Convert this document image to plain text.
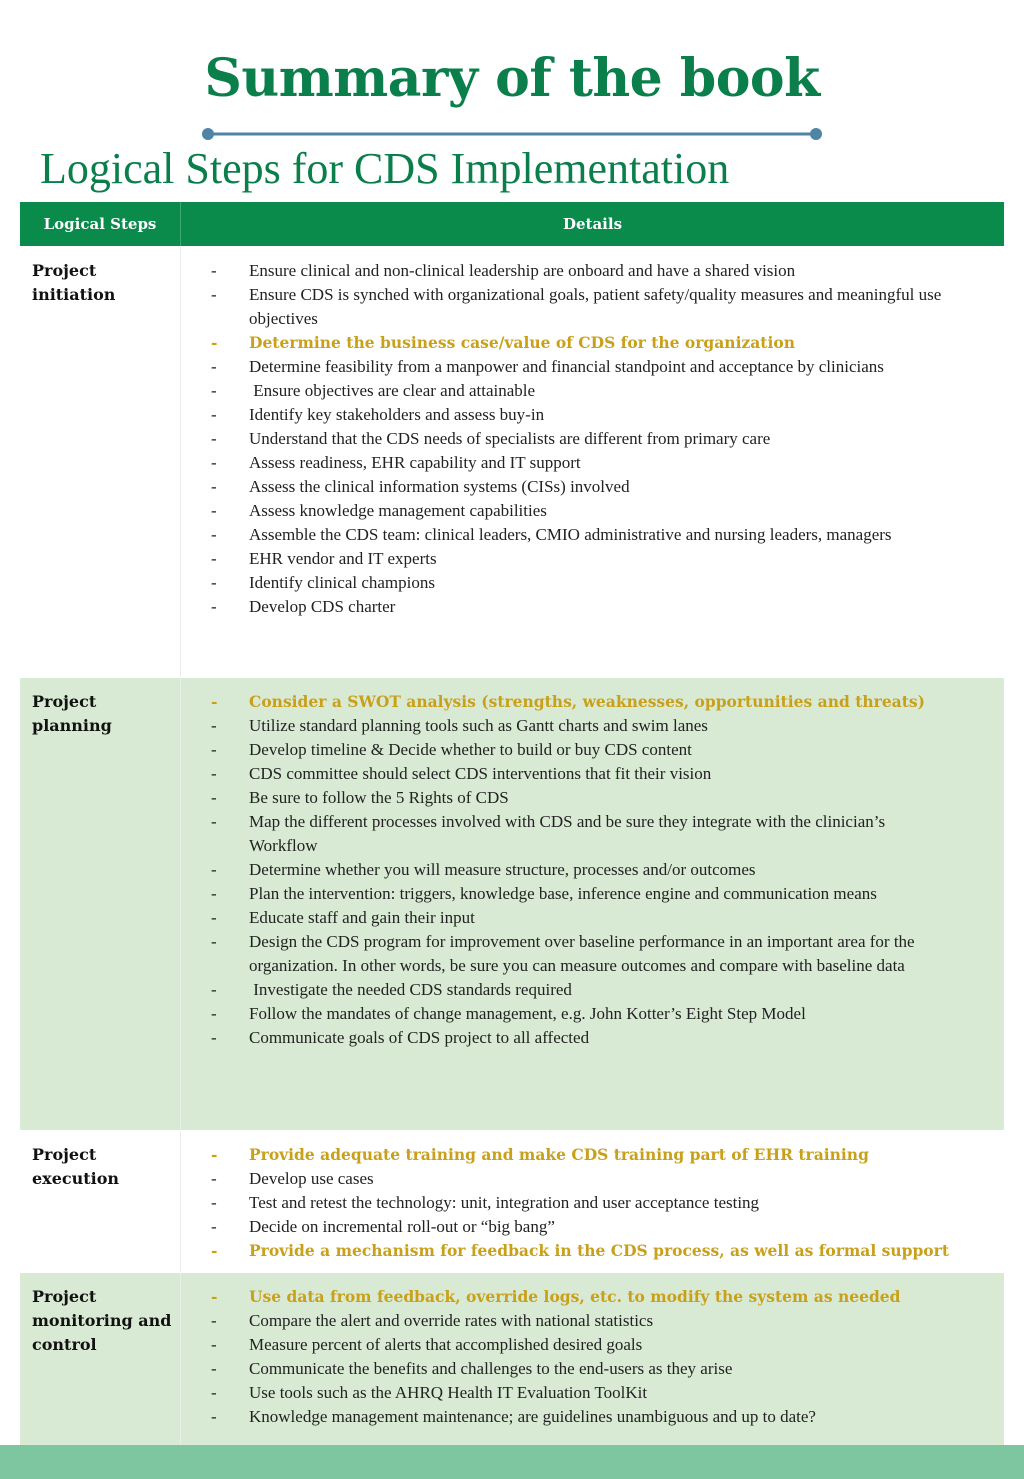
Summary of the book
Logical Steps for CDS Implementation
Logical Steps	Details
Project initiation
-	Ensure clinical and non-clinical leadership are onboard and have a shared vision
-	Ensure CDS is synched with organizational goals, patient safety/quality measures and meaningful use objectives
-	Determine the business case/value of CDS for the organization
-	Determine feasibility from a manpower and financial standpoint and acceptance by clinicians
-	Ensure objectives are clear and attainable
-	Identify key stakeholders and assess buy-in
-	Understand that the CDS needs of specialists are different from primary care
-	Assess readiness, EHR capability and IT support
-	Assess the clinical information systems (CISs) involved
-	Assess knowledge management capabilities
-	Assemble the CDS team: clinical leaders, CMIO administrative and nursing leaders, managers
-	EHR vendor and IT experts
-	Identify clinical champions
-	Develop CDS charter
Project planning
-	Consider a SWOT analysis (strengths, weaknesses, opportunities and threats)
-	Utilize standard planning tools such as Gantt charts and swim lanes
-	Develop timeline & Decide whether to build or buy CDS content
-	CDS committee should select CDS interventions that fit their vision
-	Be sure to follow the 5 Rights of CDS
-	Map the different processes involved with CDS and be sure they integrate with the clinician’s
Workflow
-	Determine whether you will measure structure, processes and/or outcomes
-	Plan the intervention: triggers, knowledge base, inference engine and communication means
-	Educate staff and gain their input
-	Design the CDS program for improvement over baseline performance in an important area for the organization. In other words, be sure you can measure outcomes and compare with baseline data
-	Investigate the needed CDS standards required
-	Follow the mandates of change management, e.g. John Kotter’s Eight Step Model
-	Communicate goals of CDS project to all affected
Project execution
-	Provide adequate training and make CDS training part of EHR training
-	Develop use cases
-	Test and retest the technology: unit, integration and user acceptance testing
-	Decide on incremental roll-out or “big bang”
-	Provide a mechanism for feedback in the CDS process, as well as formal support
Project monitoring and control
-	Use data from feedback, override logs, etc. to modify the system as needed
-	Compare the alert and override rates with national statistics
-	Measure percent of alerts that accomplished desired goals
-	Communicate the benefits and challenges to the end-users as they arise
-	Use tools such as the AHRQ Health IT Evaluation ToolKit
-	Knowledge management maintenance; are guidelines unambiguous and up to date?
